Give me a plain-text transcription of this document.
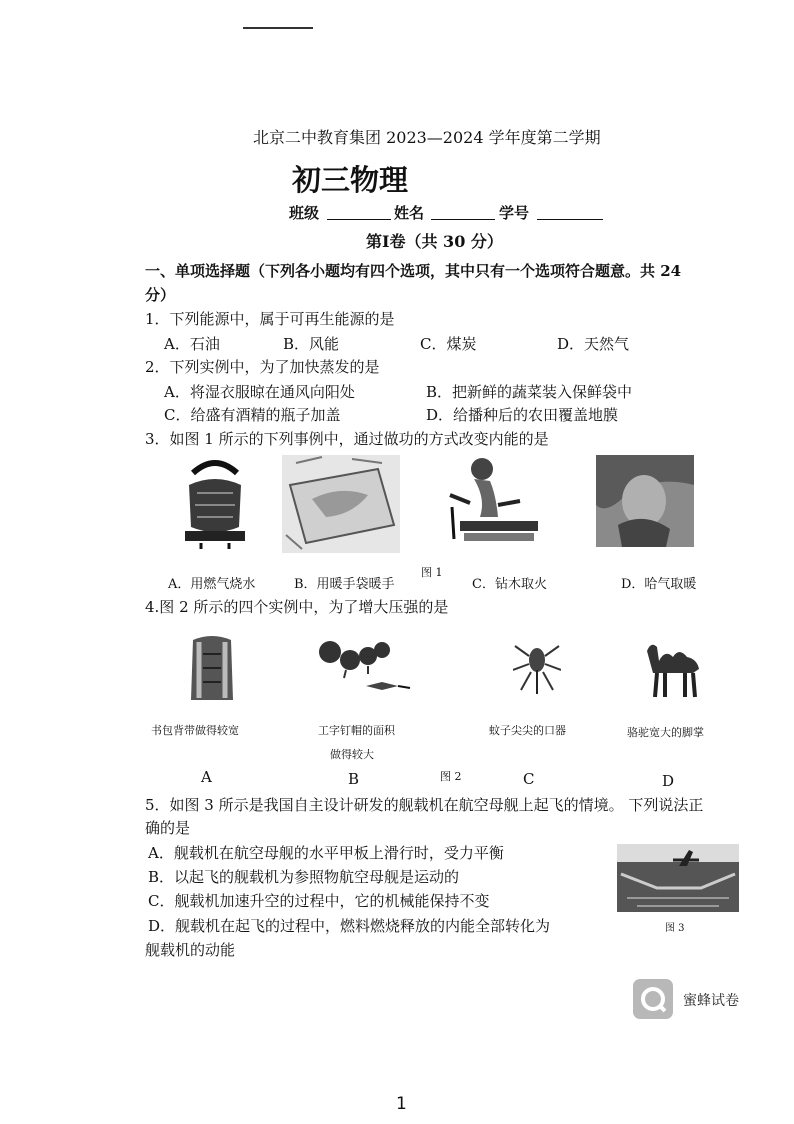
北京二中教育集团 2023—2024 学年度第二学期
初三物理
班级	姓名	学号
第Ⅰ卷（共 30 分）
一、单项选择题（下列各小题均有四个选项，其中只有一个选项符合题意。共 24
分）
1．下列能源中，属于可再生能源的是
A．石油	B．风能	C．煤炭	D．天然气
2．下列实例中，为了加快蒸发的是
A．将湿衣服晾在通风向阳处	B．把新鲜的蔬菜装入保鲜袋中
C．给盛有酒精的瓶子加盖	D．给播种后的农田覆盖地膜
3．如图 1 所示的下列事例中，通过做功的方式改变内能的是
A．用燃气烧水	B．用暖手袋暖手
图 1
C．钻木取火	D．哈气取暖
4.图 2 所示的四个实例中，为了增大压强的是
书包背带做得较宽	工字钉帽的面积
做得较大
蚊子尖尖的口器	骆驼宽大的脚掌
A	B	图 2	C	D
5．如图 3 所示是我国自主设计研发的舰载机在航空母舰上起飞的情境。 下列说法正
确的是
A．舰载机在航空母舰的水平甲板上滑行时，受力平衡
B．以起飞的舰载机为参照物航空母舰是运动的
C．舰载机加速升空的过程中，它的机械能保持不变
D．舰载机在起飞的过程中，燃料燃烧释放的内能全部转化为
舰载机的动能
图 3
蜜蜂试卷
1
